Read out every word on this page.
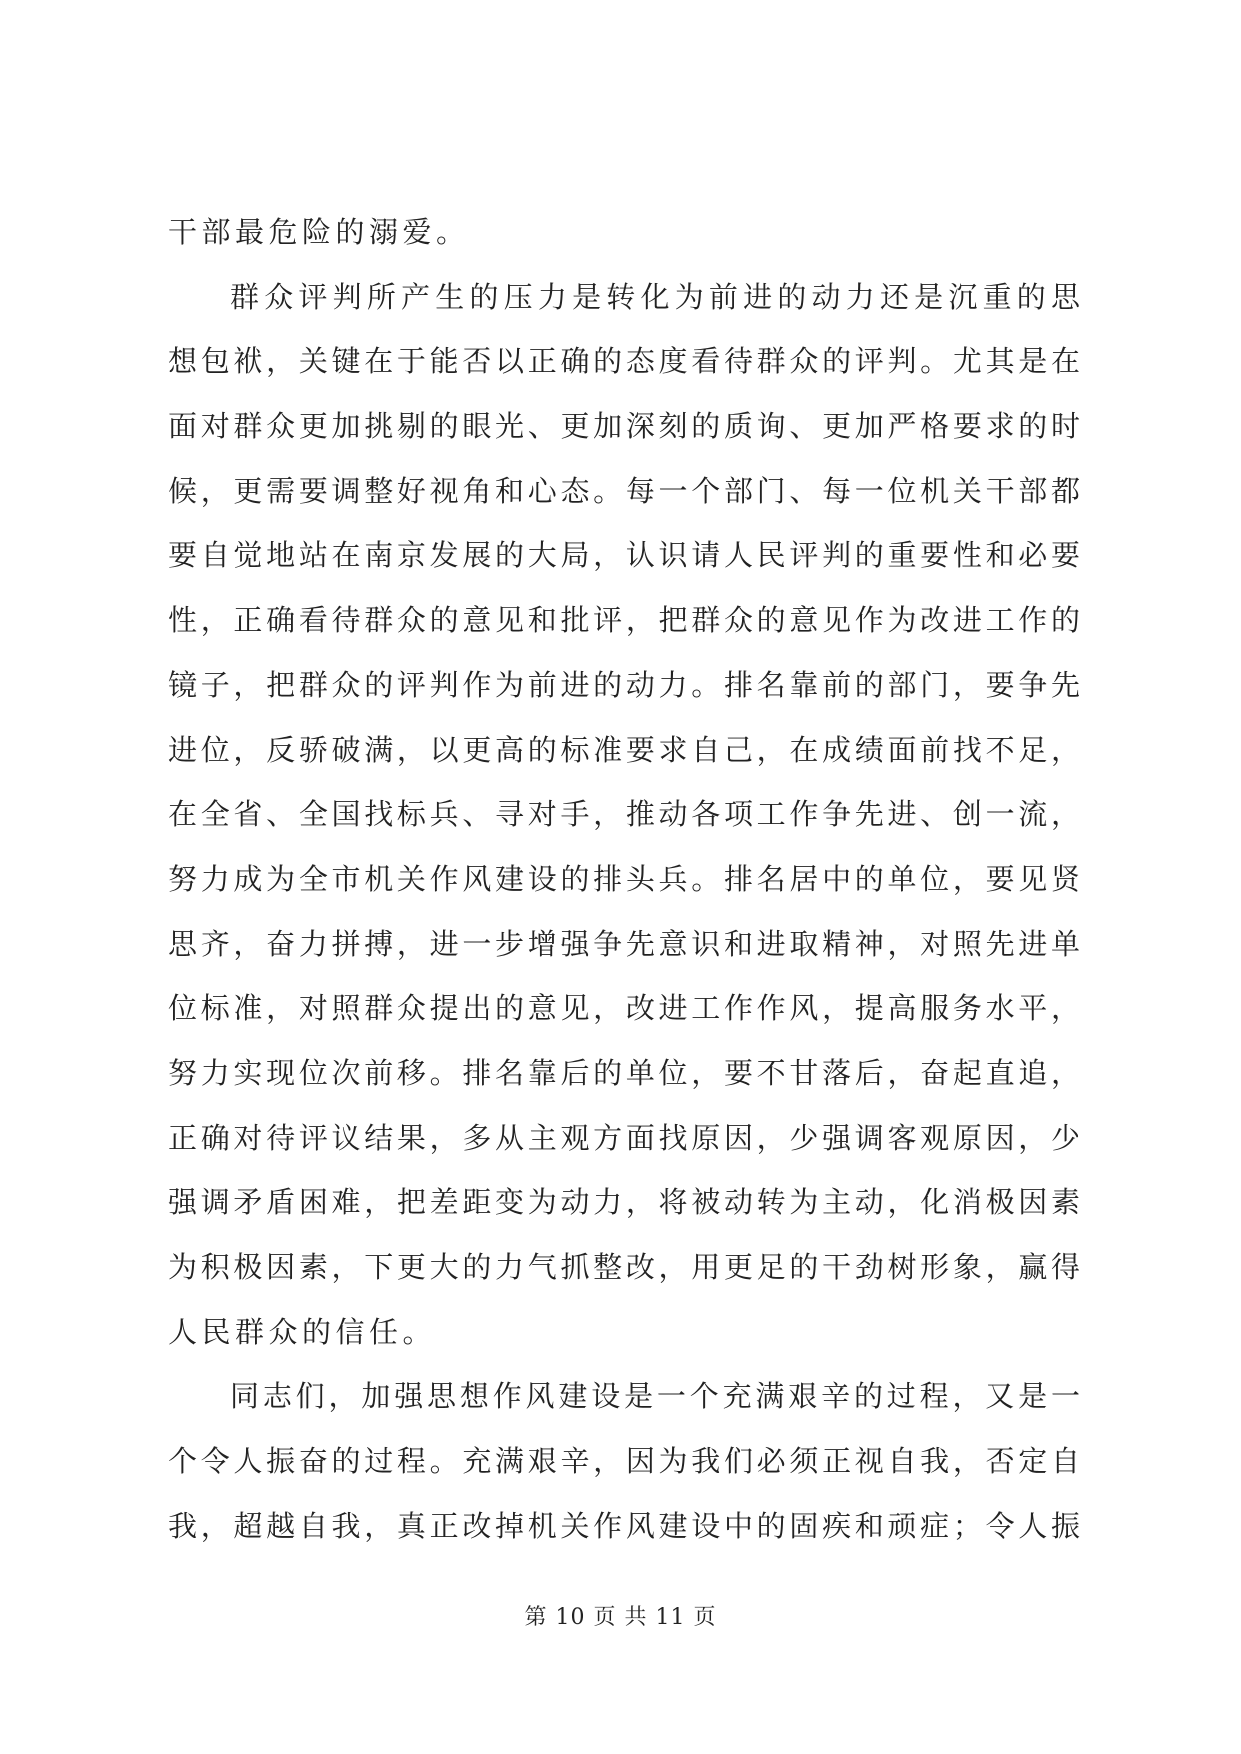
干部最危险的溺爱。
群众评判所产生的压力是转化为前进的动力还是沉重的思
想包袱，关键在于能否以正确的态度看待群众的评判。尤其是在
面对群众更加挑剔的眼光、更加深刻的质询、更加严格要求的时
候，更需要调整好视角和心态。每一个部门、每一位机关干部都
要自觉地站在南京发展的大局，认识请人民评判的重要性和必要
性，正确看待群众的意见和批评，把群众的意见作为改进工作的
镜子，把群众的评判作为前进的动力。排名靠前的部门，要争先
进位，反骄破满，以更高的标准要求自己，在成绩面前找不足，
在全省、全国找标兵、寻对手，推动各项工作争先进、创一流，
努力成为全市机关作风建设的排头兵。排名居中的单位，要见贤
思齐，奋力拼搏，进一步增强争先意识和进取精神，对照先进单
位标准，对照群众提出的意见，改进工作作风，提高服务水平，
努力实现位次前移。排名靠后的单位，要不甘落后，奋起直追，
正确对待评议结果，多从主观方面找原因，少强调客观原因，少
强调矛盾困难，把差距变为动力，将被动转为主动，化消极因素
为积极因素，下更大的力气抓整改，用更足的干劲树形象，赢得
人民群众的信任。
同志们，加强思想作风建设是一个充满艰辛的过程，又是一
个令人振奋的过程。充满艰辛，因为我们必须正视自我，否定自
我，超越自我，真正改掉机关作风建设中的固疾和顽症；令人振
第 10 页 共 11 页
